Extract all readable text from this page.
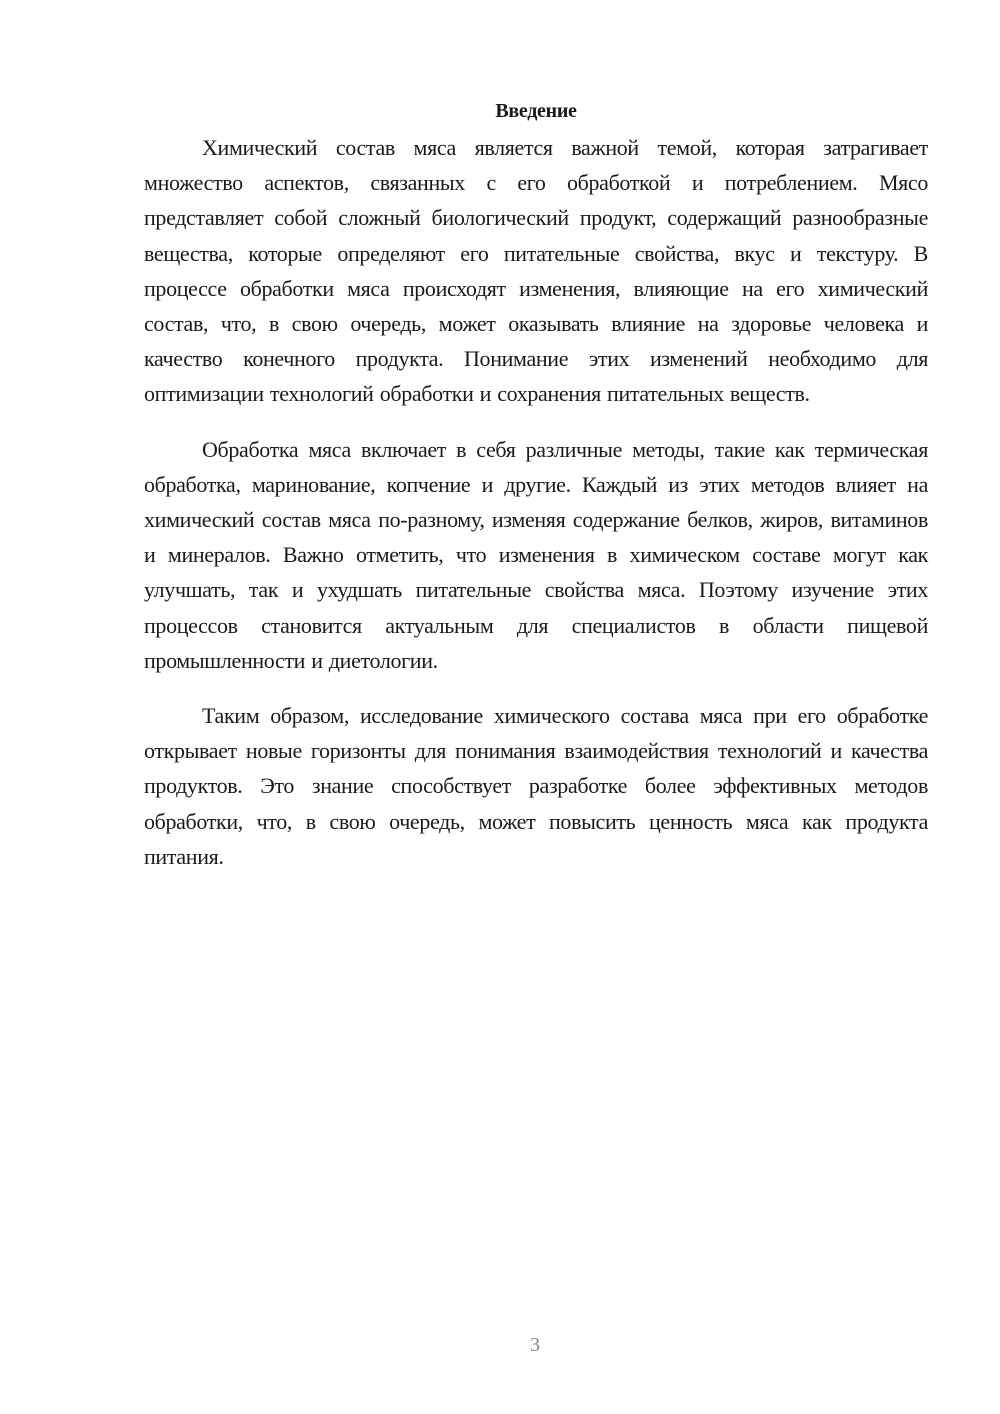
Введение

Химический состав мяса является важной темой, которая затрагивает множество аспектов, связанных с его обработкой и потреблением. Мясо представляет собой сложный биологический продукт, содержащий разнообразные вещества, которые определяют его питательные свойства, вкус и текстуру. В процессе обработки мяса происходят изменения, влияющие на его химический состав, что, в свою очередь, может оказывать влияние на здоровье человека и качество конечного продукта. Понимание этих изменений необходимо для оптимизации технологий обработки и сохранения питательных веществ.

Обработка мяса включает в себя различные методы, такие как термическая обработка, маринование, копчение и другие. Каждый из этих методов влияет на химический состав мяса по-разному, изменяя содержание белков, жиров, витаминов и минералов. Важно отметить, что изменения в химическом составе могут как улучшать, так и ухудшать питательные свойства мяса. Поэтому изучение этих процессов становится актуальным для специалистов в области пищевой промышленности и диетологии.

Таким образом, исследование химического состава мяса при его обработке открывает новые горизонты для понимания взаимодействия технологий и качества продуктов. Это знание способствует разработке более эффективных методов обработки, что, в свою очередь, может повысить ценность мяса как продукта питания.

3
